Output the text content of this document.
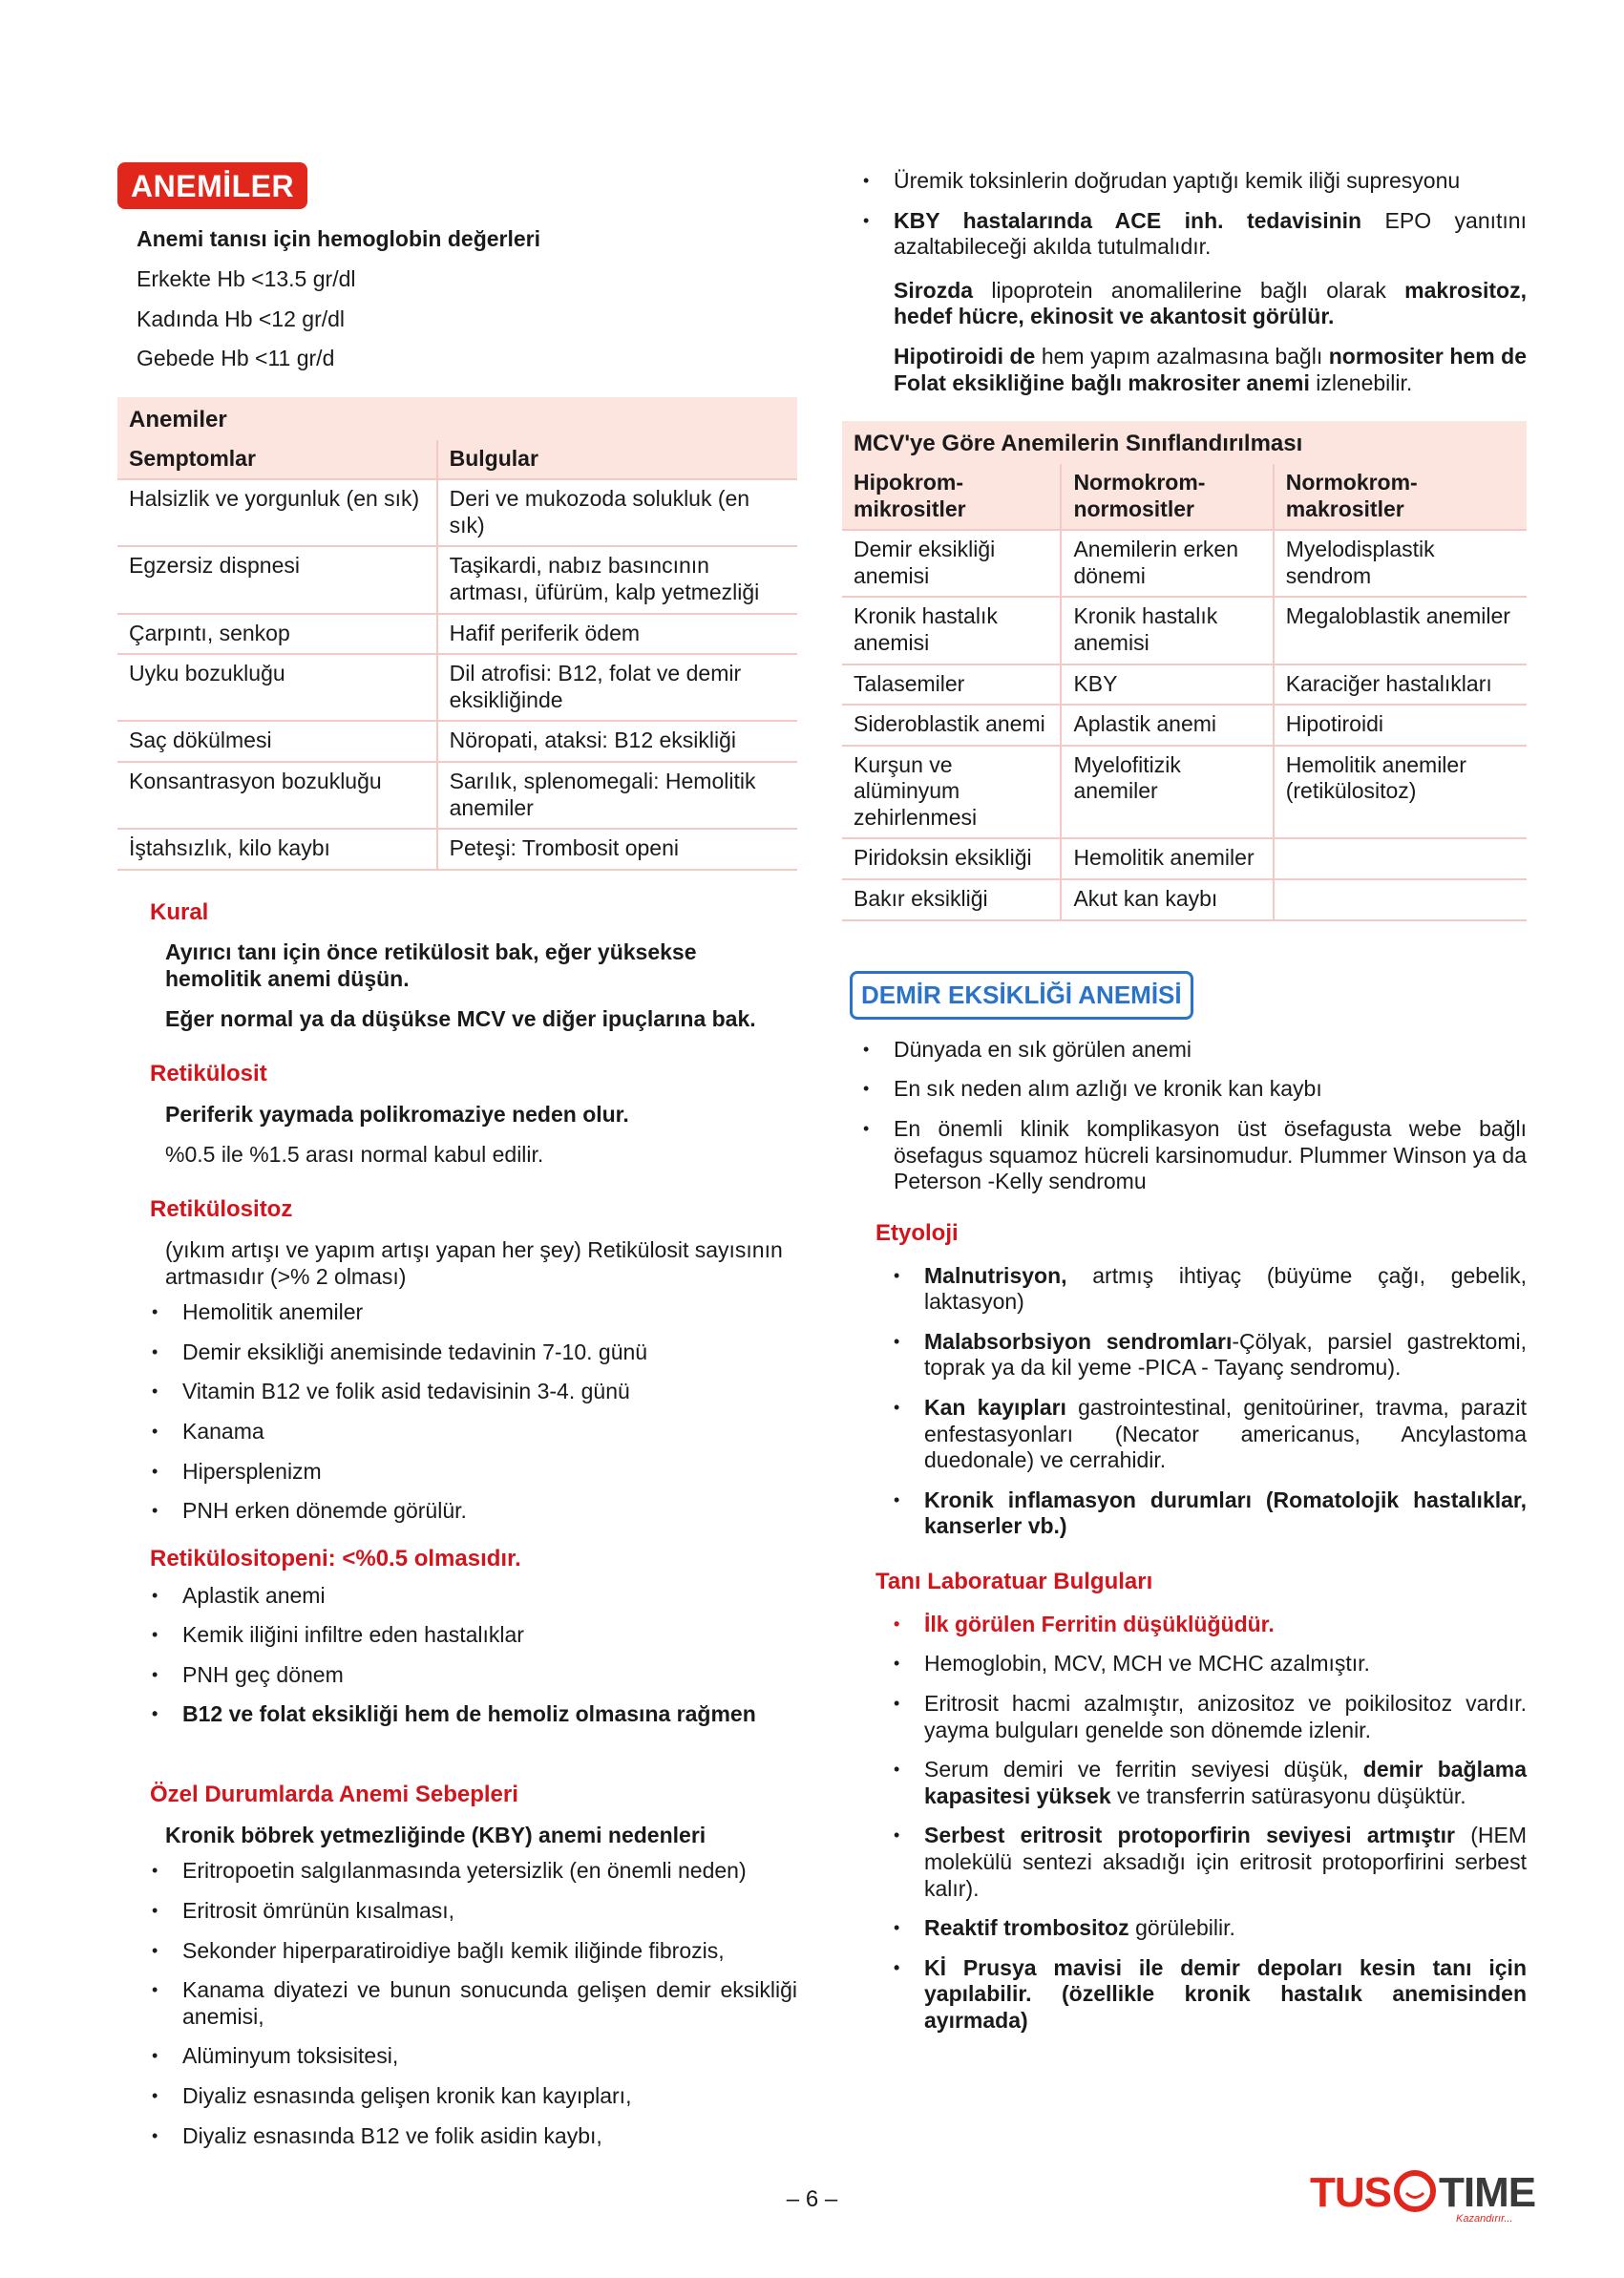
ANEMİLER
Anemi tanısı için hemoglobin değerleri
Erkekte Hb <13.5 gr/dl
Kadında Hb <12 gr/dl
Gebede Hb <11 gr/d
Anemiler	
Semptomlar	Bulgular
Halsizlik ve yorgunluk (en sık)	Deri ve mukozoda solukluk (en sık)
Egzersiz dispnesi	Taşikardi, nabız basıncının artması, üfürüm, kalp yetmezliği
Çarpıntı, senkop	Hafif periferik ödem
Uyku bozukluğu	Dil atrofisi: B12, folat ve demir eksikliğinde
Saç dökülmesi	Nöropati, ataksi: B12 eksikliği
Konsantrasyon bozukluğu	Sarılık, splenomegali: Hemolitik anemiler
İştahsızlık, kilo kaybı	Peteşi: Trombosit openi
Kural
Ayırıcı tanı için önce retikülosit bak, eğer yüksekse hemolitik anemi düşün.
Eğer normal ya da düşükse MCV ve diğer ipuçlarına bak.
Retikülosit
Periferik yaymada polikromaziye neden olur.
%0.5 ile %1.5 arası normal kabul edilir.
Retikülositoz
(yıkım artışı ve yapım artışı yapan her şey) Retikülosit sayısının artmasıdır (>% 2 olması)
• Hemolitik anemiler
• Demir eksikliği anemisinde tedavinin 7-10. günü
• Vitamin B12 ve folik asid tedavisinin 3-4. günü
• Kanama
• Hipersplenizm
• PNH erken dönemde görülür.
Retikülositopeni: <%0.5 olmasıdır.
• Aplastik anemi
• Kemik iliğini infiltre eden hastalıklar
• PNH geç dönem
• B12 ve folat eksikliği hem de hemoliz olmasına rağmen
Özel Durumlarda Anemi Sebepleri
Kronik böbrek yetmezliğinde (KBY) anemi nedenleri
• Eritropoetin salgılanmasında yetersizlik (en önemli neden)
• Eritrosit ömrünün kısalması,
• Sekonder hiperparatiroidiye bağlı kemik iliğinde fibrozis,
• Kanama diyatezi ve bunun sonucunda gelişen demir eksikliği anemisi,
• Alüminyum toksisitesi,
• Diyaliz esnasında gelişen kronik kan kayıpları,
• Diyaliz esnasında B12 ve folik asidin kaybı,
• Üremik toksinlerin doğrudan yaptığı kemik iliği supresyonu
• KBY hastalarında ACE inh. tedavisinin EPO yanıtını azaltabileceği akılda tutulmalıdır.
Sirozda lipoprotein anomalilerine bağlı olarak makrositoz, hedef hücre, ekinosit ve akantosit görülür.
Hipotiroidi de hem yapım azalmasına bağlı normositer hem de Folat eksikliğine bağlı makrositer anemi izlenebilir.
MCV'ye Göre Anemilerin Sınıflandırılması		
Hipokrom-mikrositler	Normokrom-normositler	Normokrom-makrositler
Demir eksikliği anemisi	Anemilerin erken dönemi	Myelodisplastik sendrom
Kronik hastalık anemisi	Kronik hastalık anemisi	Megaloblastik anemiler
Talasemiler	KBY	Karaciğer hastalıkları
Sideroblastik anemi	Aplastik anemi	Hipotiroidi
Kurşun ve alüminyum zehirlenmesi	Myelofitizik anemiler	Hemolitik anemiler (retikülositoz)
Piridoksin eksikliği	Hemolitik anemiler	
Bakır eksikliği	Akut kan kaybı	
DEMİR EKSİKLİĞİ ANEMİSİ
• Dünyada en sık görülen anemi
• En sık neden alım azlığı ve kronik kan kaybı
• En önemli klinik komplikasyon üst ösefagusta webe bağlı ösefagus squamoz hücreli karsinomudur. Plummer Winson ya da Peterson -Kelly sendromu
Etyoloji
• Malnutrisyon, artmış ihtiyaç (büyüme çağı, gebelik, laktasyon)
• Malabsorbsiyon sendromları-Çölyak, parsiel gastrektomi, toprak ya da kil yeme -PICA - Tayanç sendromu).
• Kan kayıpları gastrointestinal, genitoüriner, travma, parazit enfestasyonları (Necator americanus, Ancylastoma duedonale) ve cerrahidir.
• Kronik inflamasyon durumları (Romatolojik hastalıklar, kanserler vb.)
Tanı Laboratuar Bulguları
• İlk görülen Ferritin düşüklüğüdür.
• Hemoglobin, MCV, MCH ve MCHC azalmıştır.
• Eritrosit hacmi azalmıştır, anizositoz ve poikilositoz vardır. yayma bulguları genelde son dönemde izlenir.
• Serum demiri ve ferritin seviyesi düşük, demir bağlama kapasitesi yüksek ve transferrin satürasyonu düşüktür.
• Serbest eritrosit protoporfirin seviyesi artmıştır (HEM molekülü sentezi aksadığı için eritrosit protoporfirini serbest kalır).
• Reaktif trombositoz görülebilir.
• Kİ Prusya mavisi ile demir depoları kesin tanı için yapılabilir. (özellikle kronik hastalık anemisinden ayırmada)
– 6 –	TUS TIME
Kazandırır...
